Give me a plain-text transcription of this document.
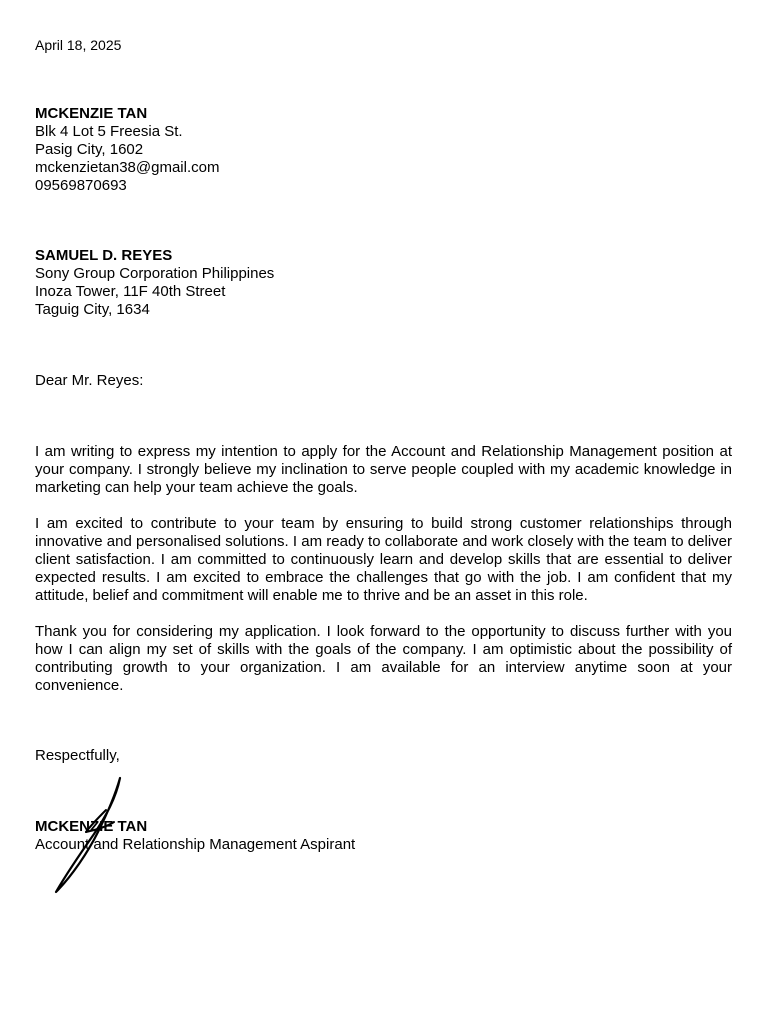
April 18, 2025
MCKENZIE TAN
Blk 4 Lot 5 Freesia St.
Pasig City, 1602
mckenzietan38@gmail.com
09569870693
SAMUEL D. REYES
Sony Group Corporation Philippines
Inoza Tower, 11F 40th Street
Taguig City, 1634
Dear Mr. Reyes:

I am writing to express my intention to apply for the Account and Relationship Management position at your company. I strongly believe my inclination to serve people coupled with my academic knowledge in marketing can help your team achieve the goals.

I am excited to contribute to your team by ensuring to build strong customer relationships through innovative and personalised solutions. I am ready to collaborate and work closely with the team to deliver client satisfaction. I am committed to continuously learn and develop skills that are essential to deliver expected results. I am excited to embrace the challenges that go with the job. I am confident that my attitude, belief and commitment will enable me to thrive and be an asset in this role.

Thank you for considering my application. I look forward to the opportunity to discuss further with you how I can align my set of skills with the goals of the company. I am optimistic about the possibility of contributing growth to your organization. I am available for an interview anytime soon at your convenience.

Respectfully,
MCKENZIE TAN
Account and Relationship Management Aspirant
